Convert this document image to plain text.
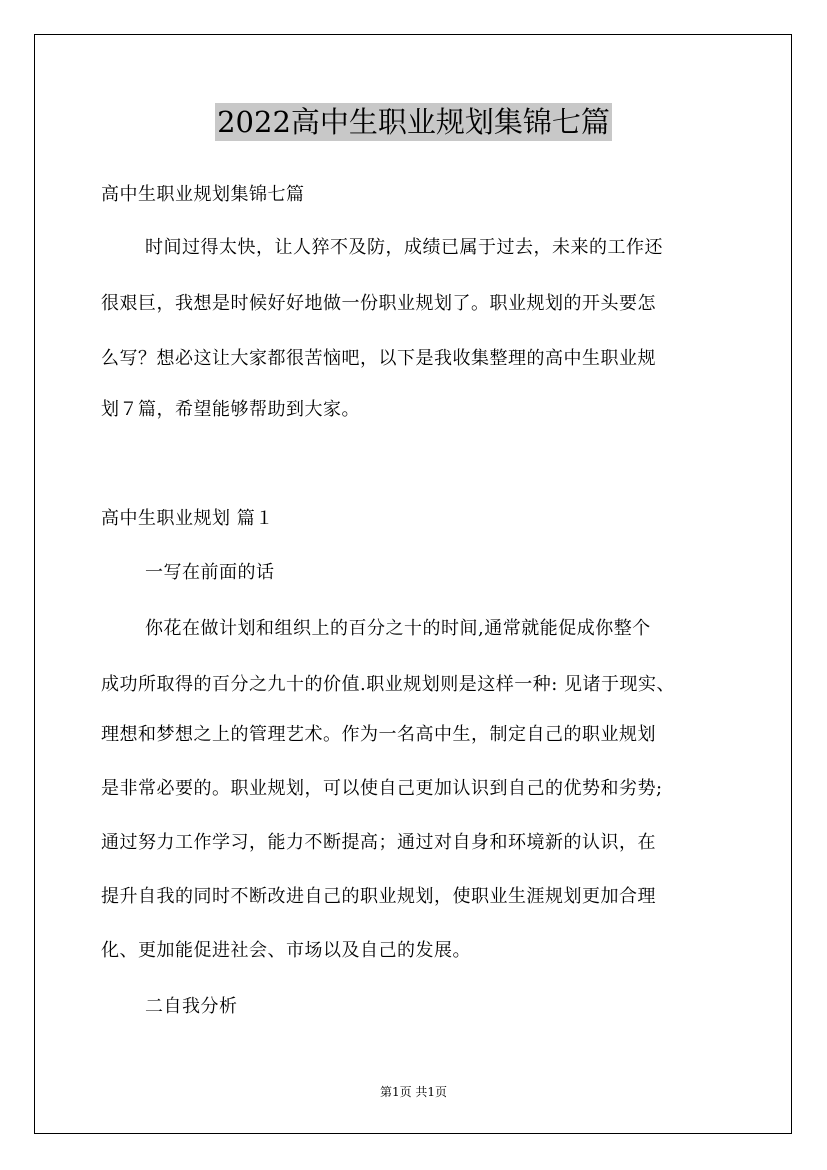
2022高中生职业规划集锦七篇
高中生职业规划集锦七篇
时间过得太快，让人猝不及防，成绩已属于过去，未来的工作还
很艰巨，我想是时候好好地做一份职业规划了。职业规划的开头要怎
么写？想必这让大家都很苦恼吧，以下是我收集整理的高中生职业规
划７篇，希望能够帮助到大家。
高中生职业规划 篇１
一写在前面的话
你花在做计划和组织上的百分之十的时间,通常就能促成你整个
成功所取得的百分之九十的价值.职业规划则是这样一种: 见诸于现实、
理想和梦想之上的管理艺术。作为一名高中生，制定自己的职业规划
是非常必要的。职业规划，可以使自己更加认识到自己的优势和劣势;
通过努力工作学习，能力不断提高；通过对自身和环境新的认识，在
提升自我的同时不断改进自己的职业规划，使职业生涯规划更加合理
化、更加能促进社会、市场以及自己的发展。
二自我分析
第1页 共1页
